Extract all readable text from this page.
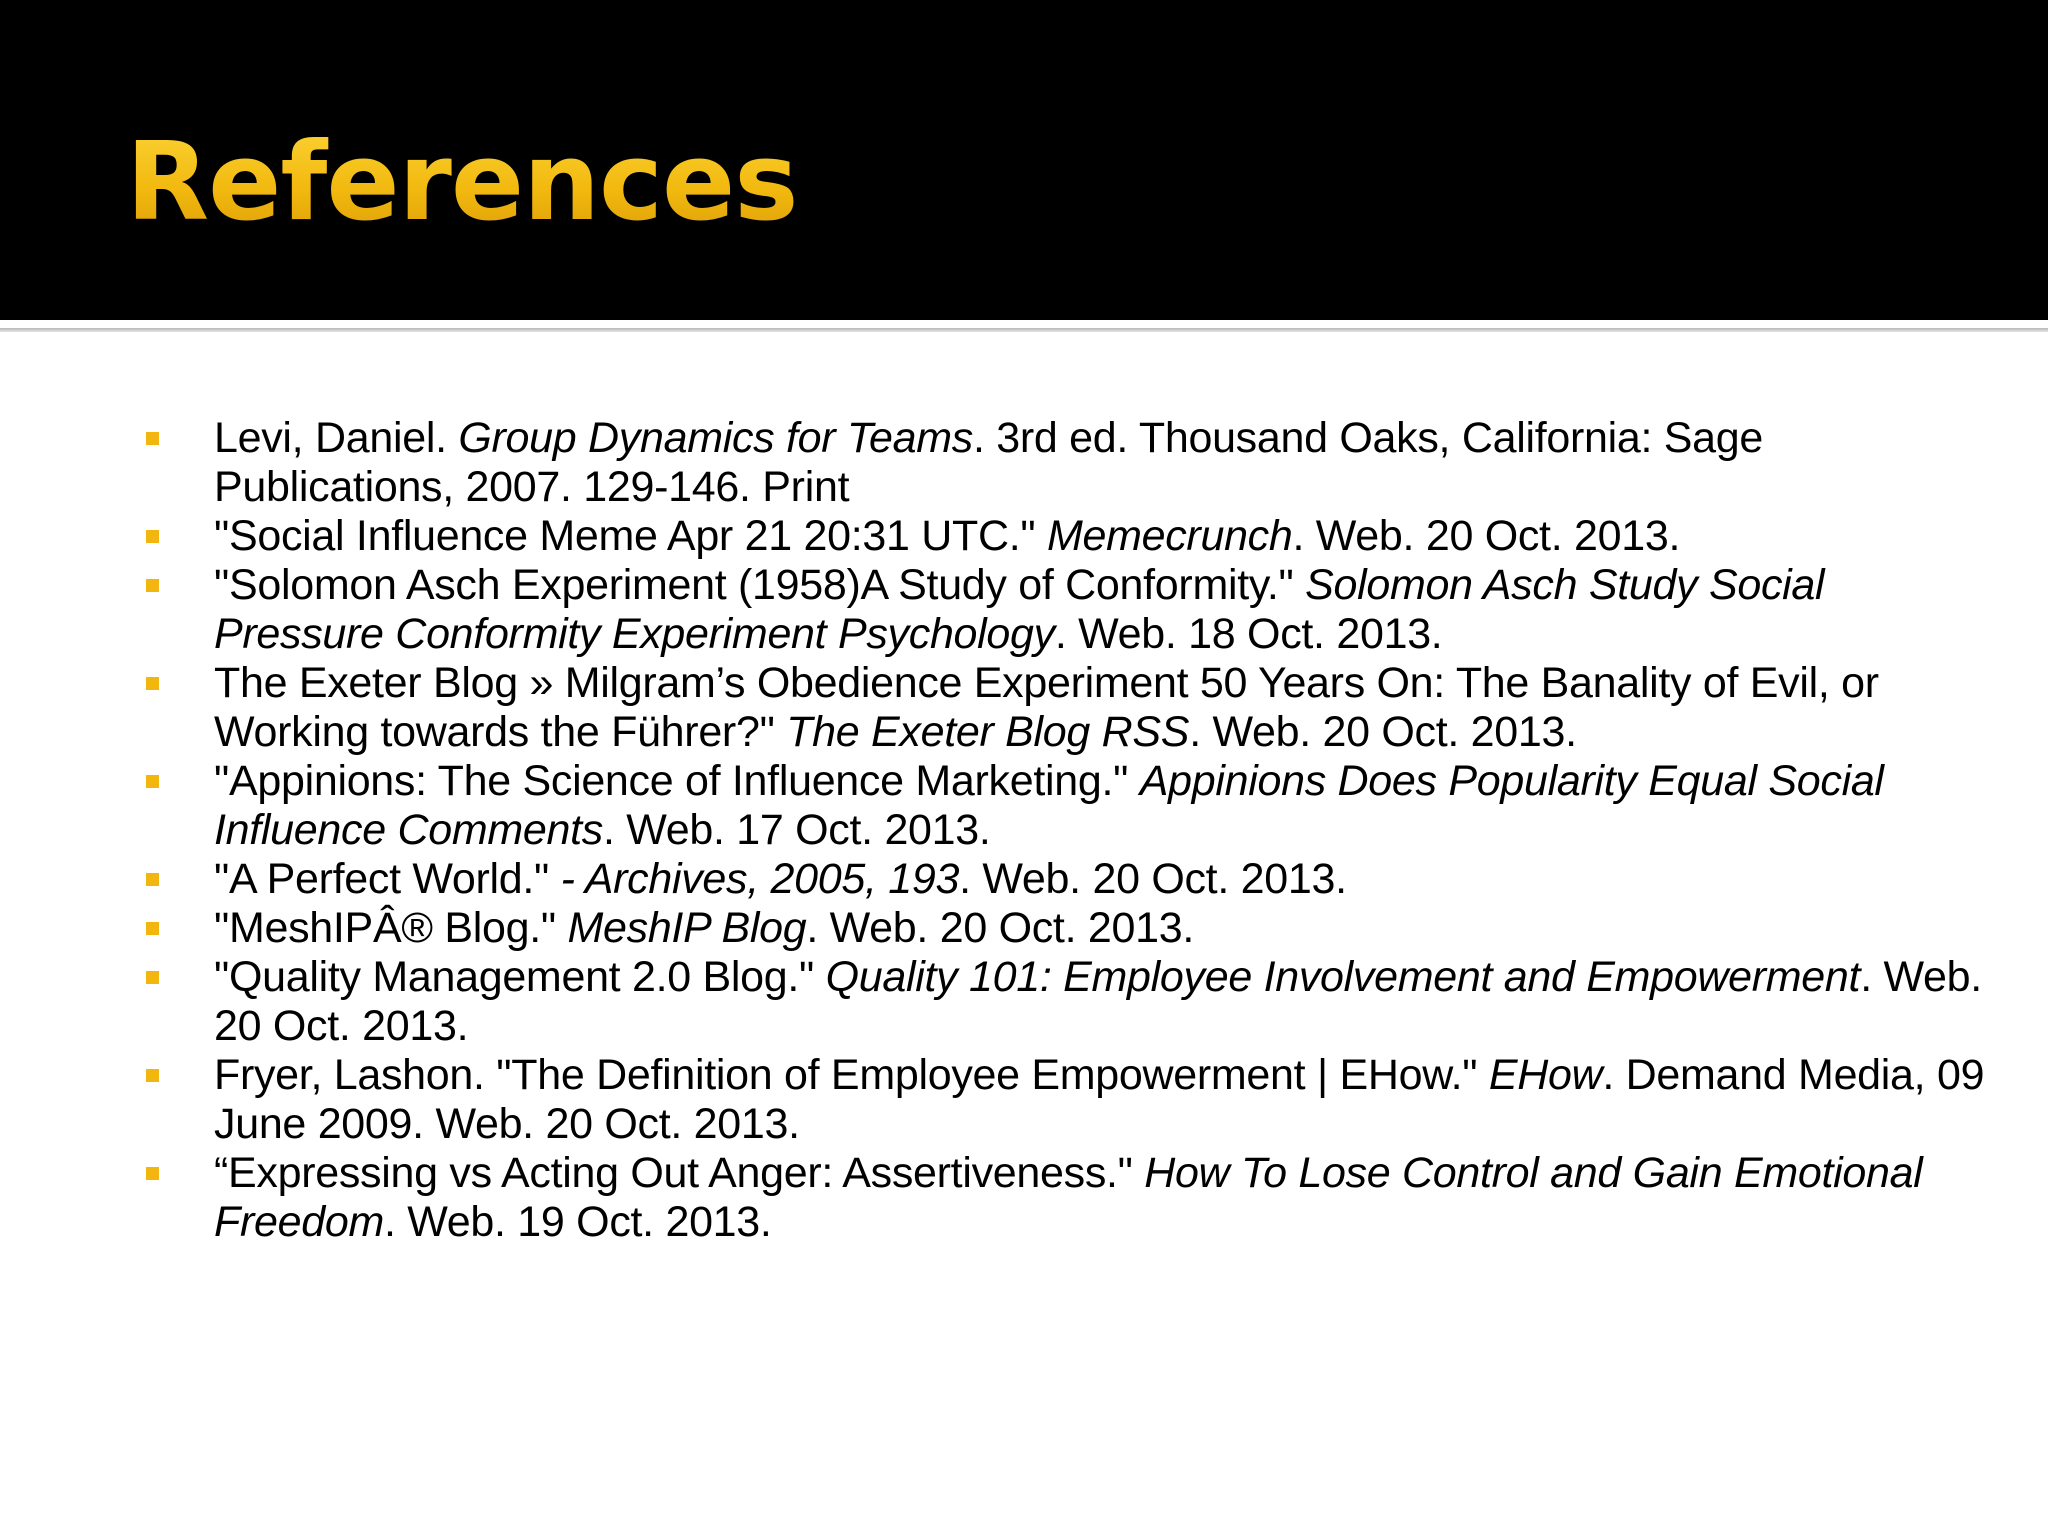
References
Levi, Daniel. Group Dynamics for Teams. 3rd ed. Thousand Oaks, California: Sage Publications, 2007. 129-146. Print
"Social Influence Meme Apr 21 20:31 UTC." Memecrunch. Web. 20 Oct. 2013.
"Solomon Asch Experiment (1958)A Study of Conformity." Solomon Asch Study Social Pressure Conformity Experiment Psychology. Web. 18 Oct. 2013.
The Exeter Blog » Milgram’s Obedience Experiment 50 Years On: The Banality of Evil, or Working towards the Führer?" The Exeter Blog RSS. Web. 20 Oct. 2013.
"Appinions: The Science of Influence Marketing." Appinions Does Popularity Equal Social Influence Comments. Web. 17 Oct. 2013.
"A Perfect World." - Archives, 2005, 193. Web. 20 Oct. 2013.
"MeshIPÂ® Blog." MeshIP Blog. Web. 20 Oct. 2013.
"Quality Management 2.0 Blog." Quality 101: Employee Involvement and Empowerment. Web. 20 Oct. 2013.
Fryer, Lashon. "The Definition of Employee Empowerment | EHow." EHow. Demand Media, 09 June 2009. Web. 20 Oct. 2013.
“Expressing vs Acting Out Anger: Assertiveness." How To Lose Control and Gain Emotional Freedom. Web. 19 Oct. 2013.
